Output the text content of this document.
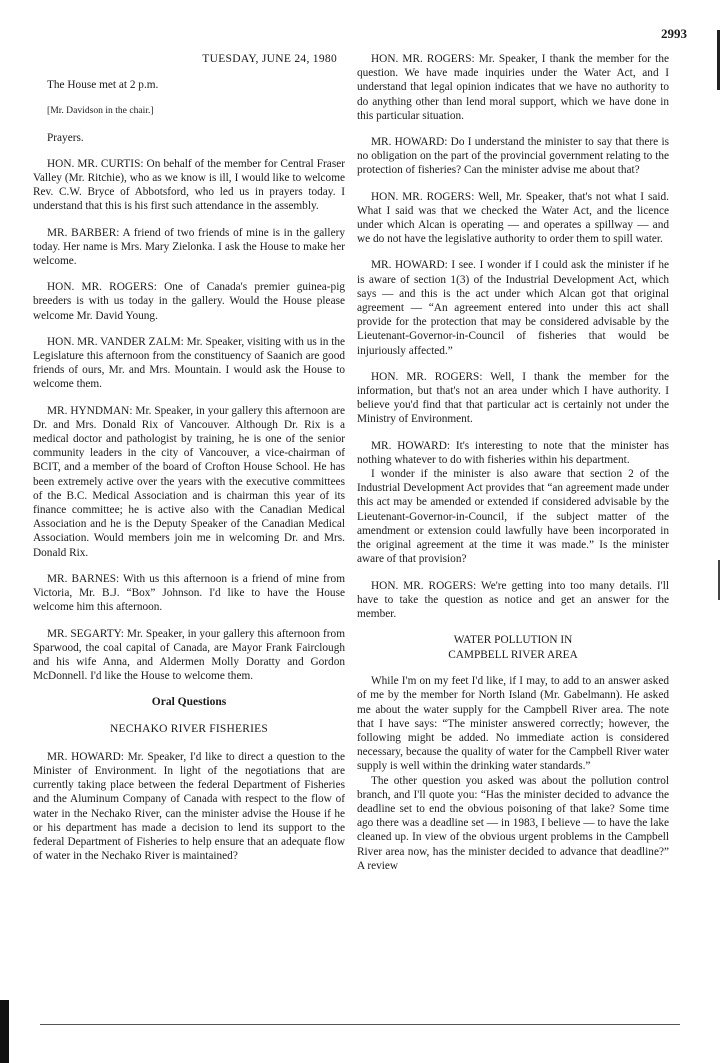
2993
TUESDAY, JUNE 24, 1980

The House met at 2 p.m.

[Mr. Davidson in the chair.]

Prayers.

HON. MR. CURTIS: On behalf of the member for Central Fraser Valley (Mr. Ritchie), who as we know is ill, I would like to welcome Rev. C.W. Bryce of Abbotsford, who led us in prayers today. I understand that this is his first such attendance in the assembly.

MR. BARBER: A friend of two friends of mine is in the gallery today. Her name is Mrs. Mary Zielonka. I ask the House to make her welcome.

HON. MR. ROGERS: One of Canada's premier guinea-pig breeders is with us today in the gallery. Would the House please welcome Mr. David Young.

HON. MR. VANDER ZALM: Mr. Speaker, visiting with us in the Legislature this afternoon from the constituency of Saanich are good friends of ours, Mr. and Mrs. Mountain. I would ask the House to welcome them.

MR. HYNDMAN: Mr. Speaker, in your gallery this afternoon are Dr. and Mrs. Donald Rix of Vancouver. Although Dr. Rix is a medical doctor and pathologist by training, he is one of the senior community leaders in the city of Vancouver, a vice-chairman of BCIT, and a member of the board of Crofton House School. He has been extremely active over the years with the executive committees of the B.C. Medical Association and is chairman this year of its finance committee; he is active also with the Canadian Medical Association and he is the Deputy Speaker of the Canadian Medical Association. Would members join me in welcoming Dr. and Mrs. Donald Rix.

MR. BARNES: With us this afternoon is a friend of mine from Victoria, Mr. B.J. “Box” Johnson. I'd like to have the House welcome him this afternoon.

MR. SEGARTY: Mr. Speaker, in your gallery this afternoon from Sparwood, the coal capital of Canada, are Mayor Frank Fairclough and his wife Anna, and Aldermen Molly Doratty and Gordon McDonnell. I'd like the House to welcome them.

Oral Questions
NECHAKO RIVER FISHERIES

MR. HOWARD: Mr. Speaker, I'd like to direct a question to the Minister of Environment. In light of the negotiations that are currently taking place between the federal Department of Fisheries and the Aluminum Company of Canada with respect to the flow of water in the Nechako River, can the minister advise the House if he or his department has made a decision to lend its support to the federal Department of Fisheries to help ensure that an adequate flow of water in the Nechako River is maintained?

HON. MR. ROGERS: Mr. Speaker, I thank the member for the question. We have made inquiries under the Water Act, and I understand that legal opinion indicates that we have no authority to do anything other than lend moral support, which we have done in this particular situation.

MR. HOWARD: Do I understand the minister to say that there is no obligation on the part of the provincial government relating to the protection of fisheries? Can the minister advise me about that?

HON. MR. ROGERS: Well, Mr. Speaker, that's not what I said. What I said was that we checked the Water Act, and the licence under which Alcan is operating — and operates a spillway — and we do not have the legislative authority to order them to spill water.

MR. HOWARD: I see. I wonder if I could ask the minister if he is aware of section 1(3) of the Industrial Development Act, which says — and this is the act under which Alcan got that original agreement — “An agreement entered into under this act shall provide for the protection that may be considered advisable by the Lieutenant-Governor-in-Council of fisheries that would be injuriously affected.”

HON. MR. ROGERS: Well, I thank the member for the information, but that's not an area under which I have authority. I believe you'd find that that particular act is certainly not under the Ministry of Environment.

MR. HOWARD: It's interesting to note that the minister has nothing whatever to do with fisheries within his department.

I wonder if the minister is also aware that section 2 of the Industrial Development Act provides that “an agreement made under this act may be amended or extended if considered advisable by the Lieutenant-Governor-in-Council, if the subject matter of the amendment or extension could lawfully have been incorporated in the original agreement at the time it was made.” Is the minister aware of that provision?

HON. MR. ROGERS: We're getting into too many details. I'll have to take the question as notice and get an answer for the member.

WATER POLLUTION IN
CAMPBELL RIVER AREA

While I'm on my feet I'd like, if I may, to add to an answer asked of me by the member for North Island (Mr. Gabelmann). He asked me about the water supply for the Campbell River area. The note that I have says: “The minister answered correctly; however, the following might be added. No immediate action is considered necessary, because the quality of water for the Campbell River water supply is well within the drinking water standards.”

The other question you asked was about the pollution control branch, and I'll quote you: “Has the minister decided to advance the deadline set to end the obvious poisoning of that lake? Some time ago there was a deadline set — in 1983, I believe — to have the lake cleaned up. In view of the obvious urgent problems in the Campbell River area now, has the minister decided to advance that deadline?” A review
